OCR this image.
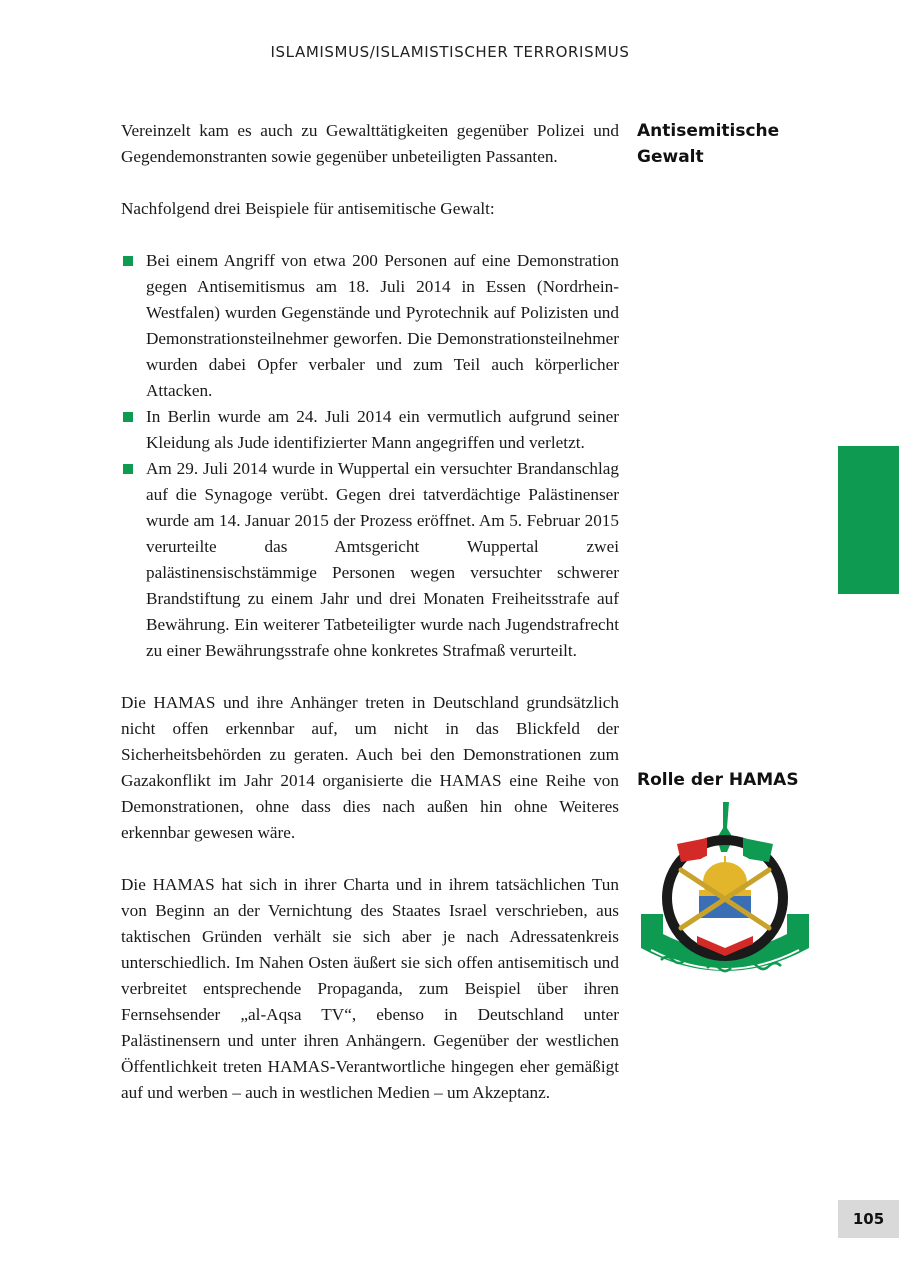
ISLAMISMUS/ISLAMISTISCHER TERRORISMUS
Antisemitische
Gewalt
Rolle der HAMAS

Vereinzelt kam es auch zu Gewalttätigkeiten gegenüber Polizei und Gegendemonstranten sowie gegenüber unbeteiligten Passanten.

Nachfolgend drei Beispiele für antisemitische Gewalt:

Bei einem Angriff von etwa 200 Personen auf eine Demonstration gegen Antisemitismus am 18. Juli 2014 in Essen (Nordrhein-Westfalen) wurden Gegenstände und Pyrotechnik auf Polizisten und Demonstrationsteilnehmer geworfen. Die Demonstrationsteilnehmer wurden dabei Opfer verbaler und zum Teil auch körperlicher Attacken.
In Berlin wurde am 24. Juli 2014 ein vermutlich aufgrund seiner Kleidung als Jude identifizierter Mann angegriffen und verletzt.
Am 29. Juli 2014 wurde in Wuppertal ein versuchter Brandanschlag auf die Synagoge verübt. Gegen drei tatverdächtige Palästinenser wurde am 14. Januar 2015 der Prozess eröffnet. Am 5. Februar 2015 verurteilte das Amtsgericht Wuppertal zwei palästinensischstämmige Personen wegen versuchter schwerer Brandstiftung zu einem Jahr und drei Monaten Freiheitsstrafe auf Bewährung. Ein weiterer Tatbeteiligter wurde nach Jugendstrafrecht zu einer Bewährungsstrafe ohne konkretes Strafmaß verurteilt.

Die HAMAS und ihre Anhänger treten in Deutschland grundsätzlich nicht offen erkennbar auf, um nicht in das Blickfeld der Sicherheitsbehörden zu geraten. Auch bei den Demonstrationen zum Gazakonflikt im Jahr 2014 organisierte die HAMAS eine Reihe von Demonstrationen, ohne dass dies nach außen hin ohne Weiteres erkennbar gewesen wäre.

Die HAMAS hat sich in ihrer Charta und in ihrem tatsächlichen Tun von Beginn an der Vernichtung des Staates Israel verschrieben, aus taktischen Gründen verhält sie sich aber je nach Adressatenkreis unterschiedlich. Im Nahen Osten äußert sie sich offen antisemitisch und verbreitet entsprechende Propaganda, zum Beispiel über ihren Fernsehsender „al-Aqsa TV“, ebenso in Deutschland unter Palästinensern und unter ihren Anhängern. Gegenüber der westlichen Öffentlichkeit treten HAMAS-Verantwortliche hingegen eher gemäßigt auf und werben – auch in westlichen Medien – um Akzeptanz.

105
